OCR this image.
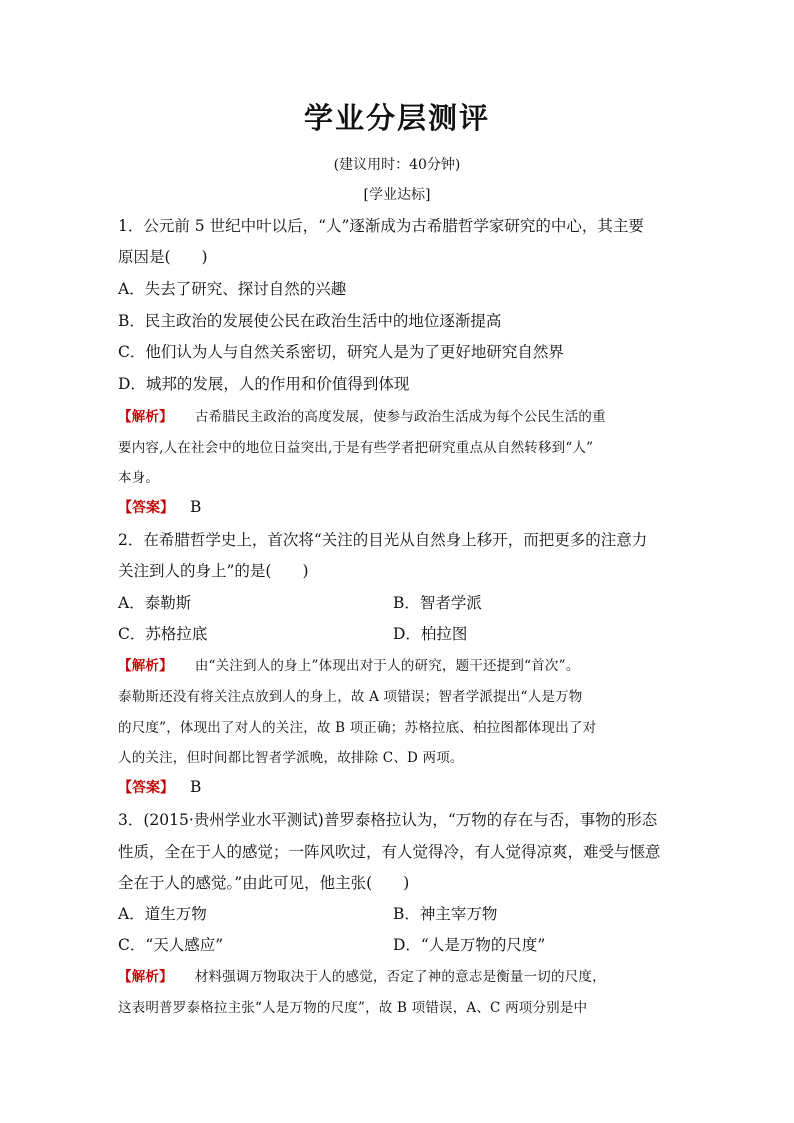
学业分层测评
(建议用时：40分钟)
[学业达标]
1．公元前 5 世纪中叶以后，“人”逐渐成为古希腊哲学家研究的中心，其主要
原因是(　　)
A．失去了研究、探讨自然的兴趣
B．民主政治的发展使公民在政治生活中的地位逐渐提高
C．他们认为人与自然关系密切，研究人是为了更好地研究自然界
D．城邦的发展，人的作用和价值得到体现
【解析】 古希腊民主政治的高度发展，使参与政治生活成为每个公民生活的重
要内容,人在社会中的地位日益突出,于是有些学者把研究重点从自然转移到“人”
本身。
【答案】 B
2．在希腊哲学史上，首次将“关注的目光从自然身上移开，而把更多的注意力
关注到人的身上”的是(　　)
A．泰勒斯	B．智者学派
C．苏格拉底	D．柏拉图
【解析】 由“关注到人的身上”体现出对于人的研究，题干还提到“首次”。
泰勒斯还没有将关注点放到人的身上，故 A 项错误；智者学派提出“人是万物
的尺度”，体现出了对人的关注，故 B 项正确；苏格拉底、柏拉图都体现出了对
人的关注，但时间都比智者学派晚，故排除 C、D 两项。
【答案】 B
3．(2015·贵州学业水平测试)普罗泰格拉认为，“万物的存在与否，事物的形态
性质，全在于人的感觉；一阵风吹过，有人觉得冷，有人觉得凉爽，难受与惬意
全在于人的感觉。”由此可见，他主张(　　)
A．道生万物	B．神主宰万物
C．“天人感应”	D．“人是万物的尺度”
【解析】 材料强调万物取决于人的感觉，否定了神的意志是衡量一切的尺度，
这表明普罗泰格拉主张“人是万物的尺度”，故 B 项错误，A、C 两项分别是中
